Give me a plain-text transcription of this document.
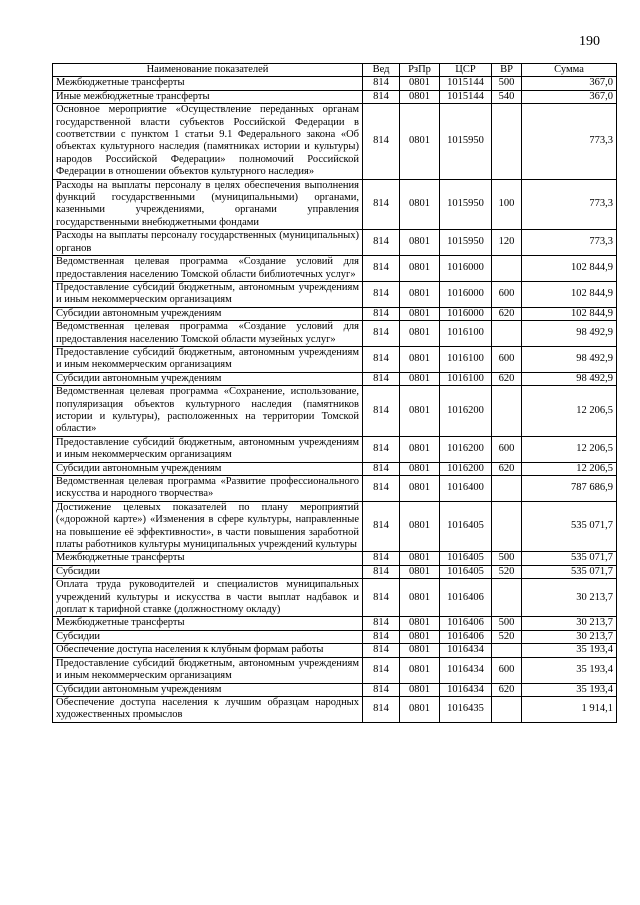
190
Наименование показателей	Вед	РзПр	ЦСР	ВР	Сумма
Межбюджетные трансферты	814	0801	1015144	500	367,0
Иные межбюджетные трансферты	814	0801	1015144	540	367,0
Основное мероприятие «Осуществление переданных органам государственной власти субъектов Российской Федерации в соответствии с пунктом 1 статьи 9.1 Федерального закона «Об объектах культурного наследия (памятниках истории и культуры) народов Российской Федерации» полномочий Российской Федерации в отношении объектов культурного наследия»	814	0801	1015950		773,3
Расходы на выплаты персоналу в целях обеспечения выполнения функций государственными (муниципальными) органами, казенными учреждениями, органами управления государственными внебюджетными фондами	814	0801	1015950	100	773,3
Расходы на выплаты персоналу государственных (муниципальных) органов	814	0801	1015950	120	773,3
Ведомственная целевая программа «Создание условий для предоставления населению Томской области библиотечных услуг»	814	0801	1016000		102 844,9
Предоставление субсидий бюджетным, автономным учреждениям и иным некоммерческим организациям	814	0801	1016000	600	102 844,9
Субсидии автономным учреждениям	814	0801	1016000	620	102 844,9
Ведомственная целевая программа «Создание условий для предоставления населению Томской области музейных услуг»	814	0801	1016100		98 492,9
Предоставление субсидий бюджетным, автономным учреждениям и иным некоммерческим организациям	814	0801	1016100	600	98 492,9
Субсидии автономным учреждениям	814	0801	1016100	620	98 492,9
Ведомственная целевая программа «Сохранение, использование, популяризация объектов культурного наследия (памятников истории и культуры), расположенных на территории Томской области»	814	0801	1016200		12 206,5
Предоставление субсидий бюджетным, автономным учреждениям и иным некоммерческим организациям	814	0801	1016200	600	12 206,5
Субсидии автономным учреждениям	814	0801	1016200	620	12 206,5
Ведомственная целевая программа «Развитие профессионального искусства и народного творчества»	814	0801	1016400		787 686,9
Достижение целевых показателей по плану мероприятий («дорожной карте») «Изменения в сфере культуры, направленные на повышение её эффективности», в части повышения заработной платы работников культуры муниципальных учреждений культуры	814	0801	1016405		535 071,7
Межбюджетные трансферты	814	0801	1016405	500	535 071,7
Субсидии	814	0801	1016405	520	535 071,7
Оплата труда руководителей и специалистов муниципальных учреждений культуры и искусства в части выплат надбавок и доплат к тарифной ставке (должностному окладу)	814	0801	1016406		30 213,7
Межбюджетные трансферты	814	0801	1016406	500	30 213,7
Субсидии	814	0801	1016406	520	30 213,7
Обеспечение доступа населения к клубным формам работы	814	0801	1016434		35 193,4
Предоставление субсидий бюджетным, автономным учреждениям и иным некоммерческим организациям	814	0801	1016434	600	35 193,4
Субсидии автономным учреждениям	814	0801	1016434	620	35 193,4
Обеспечение доступа населения к лучшим образцам народных художественных промыслов	814	0801	1016435		1 914,1
